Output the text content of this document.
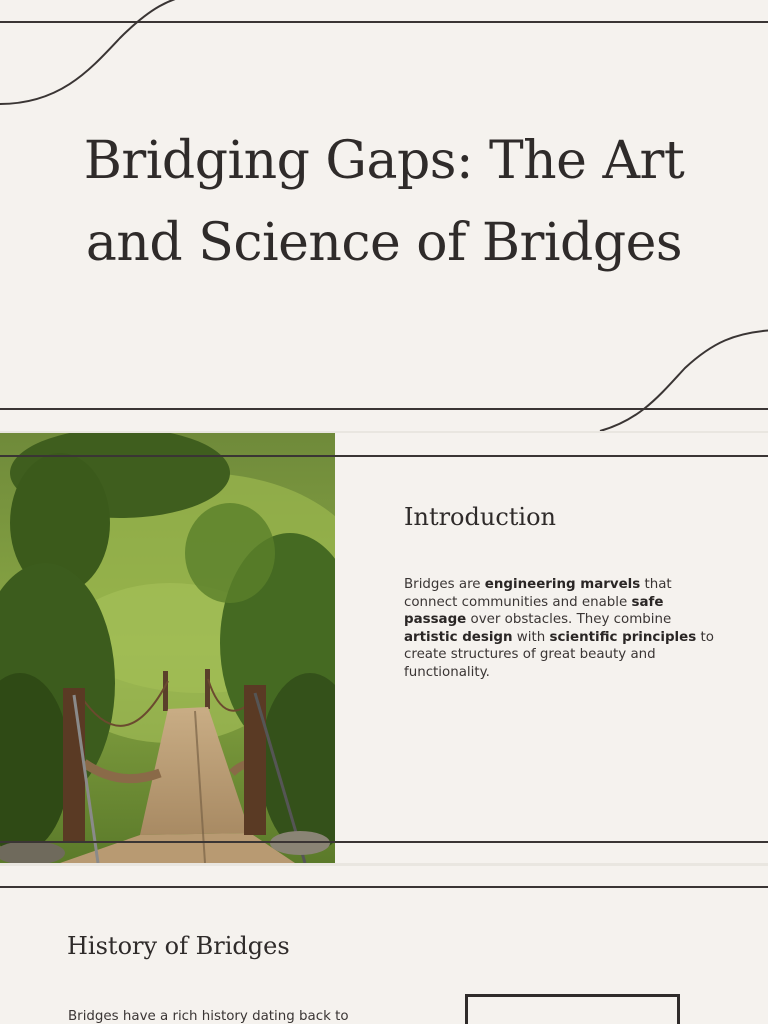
Bridging Gaps: The Art and Science of Bridges
Introduction

Bridges are engineering marvels that connect communities and enable safe passage over obstacles. They combine artistic design with scientific principles to create structures of great beauty and functionality.

History of Bridges

Bridges have a rich history dating back to
